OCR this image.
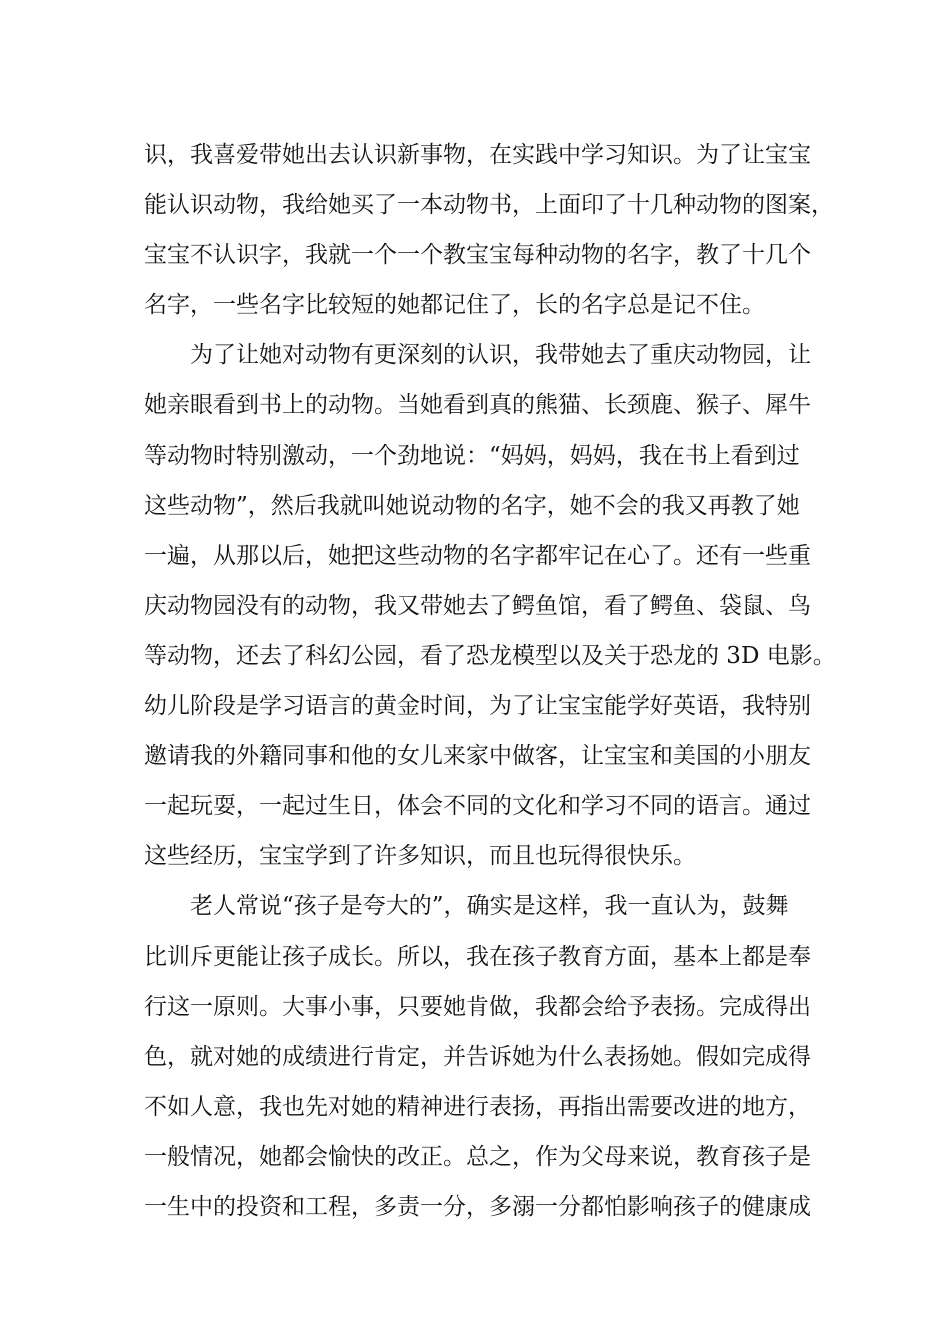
识，我喜爱带她出去认识新事物，在实践中学习知识。为了让宝宝
能认识动物，我给她买了一本动物书，上面印了十几种动物的图案，
宝宝不认识字，我就一个一个教宝宝每种动物的名字，教了十几个
名字，一些名字比较短的她都记住了，长的名字总是记不住。
　　为了让她对动物有更深刻的认识，我带她去了重庆动物园，让
她亲眼看到书上的动物。当她看到真的熊猫、长颈鹿、猴子、犀牛
等动物时特别激动，一个劲地说：“妈妈，妈妈，我在书上看到过
这些动物”，然后我就叫她说动物的名字，她不会的我又再教了她
一遍，从那以后，她把这些动物的名字都牢记在心了。还有一些重
庆动物园没有的动物，我又带她去了鳄鱼馆，看了鳄鱼、袋鼠、鸟
等动物，还去了科幻公园，看了恐龙模型以及关于恐龙的 3D 电影。
幼儿阶段是学习语言的黄金时间，为了让宝宝能学好英语，我特别
邀请我的外籍同事和他的女儿来家中做客，让宝宝和美国的小朋友
一起玩耍，一起过生日，体会不同的文化和学习不同的语言。通过
这些经历，宝宝学到了许多知识，而且也玩得很快乐。
　　老人常说“孩子是夸大的”，确实是这样，我一直认为，鼓舞
比训斥更能让孩子成长。所以，我在孩子教育方面，基本上都是奉
行这一原则。大事小事，只要她肯做，我都会给予表扬。完成得出
色，就对她的成绩进行肯定，并告诉她为什么表扬她。假如完成得
不如人意，我也先对她的精神进行表扬，再指出需要改进的地方，
一般情况，她都会愉快的改正。总之，作为父母来说，教育孩子是
一生中的投资和工程，多责一分，多溺一分都怕影响孩子的健康成
